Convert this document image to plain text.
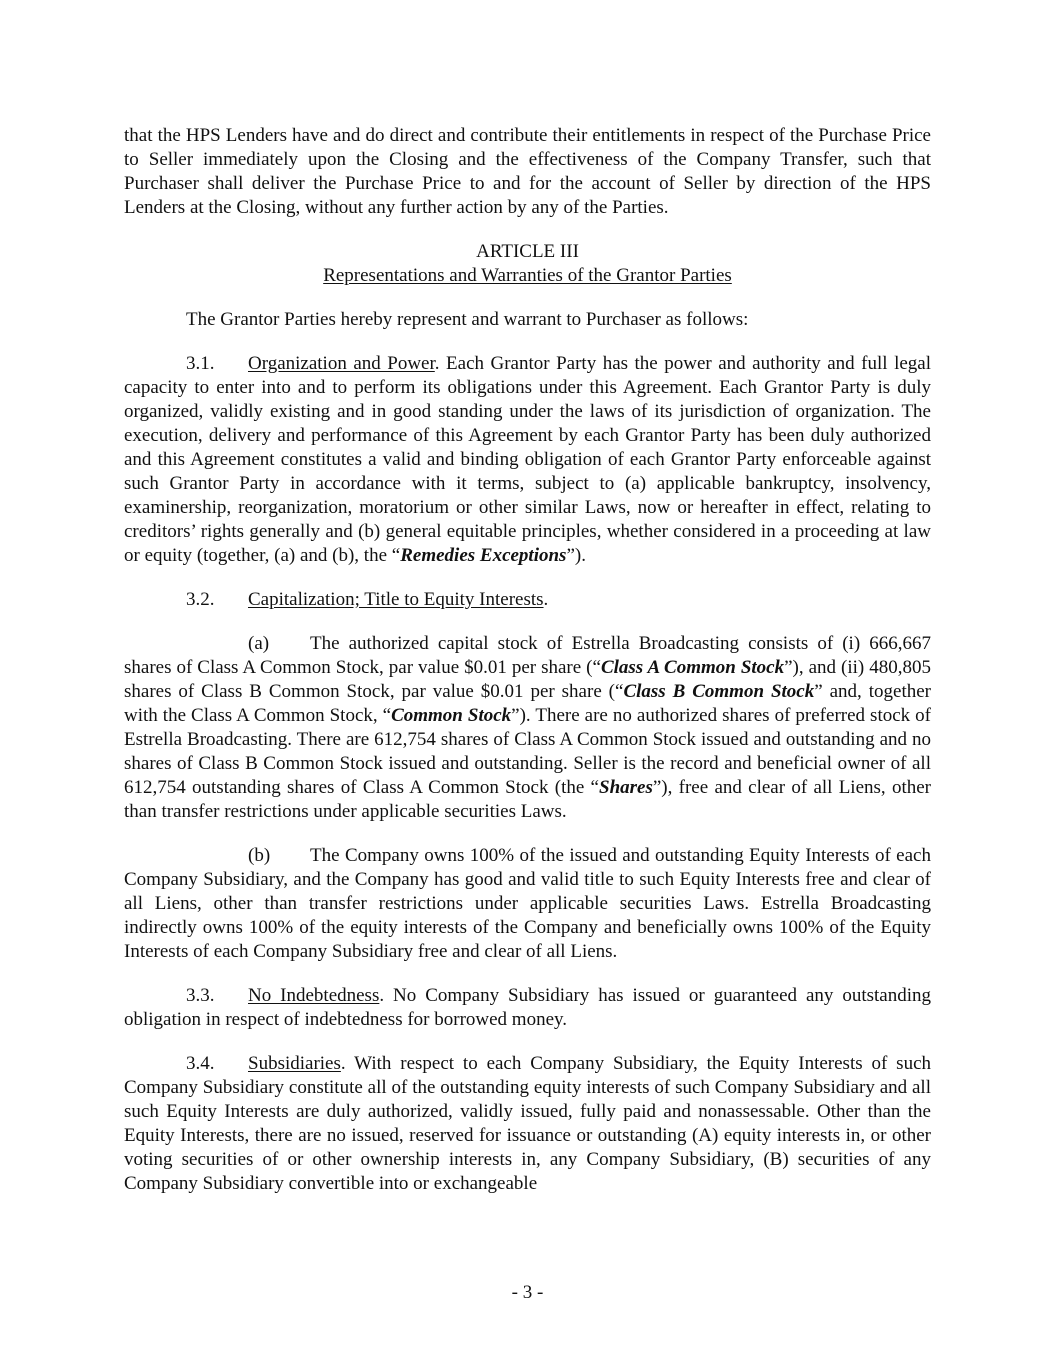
that the HPS Lenders have and do direct and contribute their entitlements in respect of the Purchase Price to Seller immediately upon the Closing and the effectiveness of the Company Transfer, such that Purchaser shall deliver the Purchase Price to and for the account of Seller by direction of the HPS Lenders at the Closing, without any further action by any of the Parties.

ARTICLE III

Representations and Warranties of the Grantor Parties

The Grantor Parties hereby represent and warrant to Purchaser as follows:

3.1. Organization and Power. Each Grantor Party has the power and authority and full legal capacity to enter into and to perform its obligations under this Agreement. Each Grantor Party is duly organized, validly existing and in good standing under the laws of its jurisdiction of organization. The execution, delivery and performance of this Agreement by each Grantor Party has been duly authorized and this Agreement constitutes a valid and binding obligation of each Grantor Party enforceable against such Grantor Party in accordance with it terms, subject to (a) applicable bankruptcy, insolvency, examinership, reorganization, moratorium or other similar Laws, now or hereafter in effect, relating to creditors’ rights generally and (b) general equitable principles, whether considered in a proceeding at law or equity (together, (a) and (b), the “Remedies Exceptions”).

3.2. Capitalization; Title to Equity Interests.

(a) The authorized capital stock of Estrella Broadcasting consists of (i) 666,667 shares of Class A Common Stock, par value $0.01 per share (“Class A Common Stock”), and (ii) 480,805 shares of Class B Common Stock, par value $0.01 per share (“Class B Common Stock” and, together with the Class A Common Stock, “Common Stock”). There are no authorized shares of preferred stock of Estrella Broadcasting. There are 612,754 shares of Class A Common Stock issued and outstanding and no shares of Class B Common Stock issued and outstanding. Seller is the record and beneficial owner of all 612,754 outstanding shares of Class A Common Stock (the “Shares”), free and clear of all Liens, other than transfer restrictions under applicable securities Laws.

(b) The Company owns 100% of the issued and outstanding Equity Interests of each Company Subsidiary, and the Company has good and valid title to such Equity Interests free and clear of all Liens, other than transfer restrictions under applicable securities Laws. Estrella Broadcasting indirectly owns 100% of the equity interests of the Company and beneficially owns 100% of the Equity Interests of each Company Subsidiary free and clear of all Liens.

3.3. No Indebtedness. No Company Subsidiary has issued or guaranteed any outstanding obligation in respect of indebtedness for borrowed money.

3.4. Subsidiaries. With respect to each Company Subsidiary, the Equity Interests of such Company Subsidiary constitute all of the outstanding equity interests of such Company Subsidiary and all such Equity Interests are duly authorized, validly issued, fully paid and nonassessable. Other than the Equity Interests, there are no issued, reserved for issuance or outstanding (A) equity interests in, or other voting securities of or other ownership interests in, any Company Subsidiary, (B) securities of any Company Subsidiary convertible into or exchangeable

- 3 -
